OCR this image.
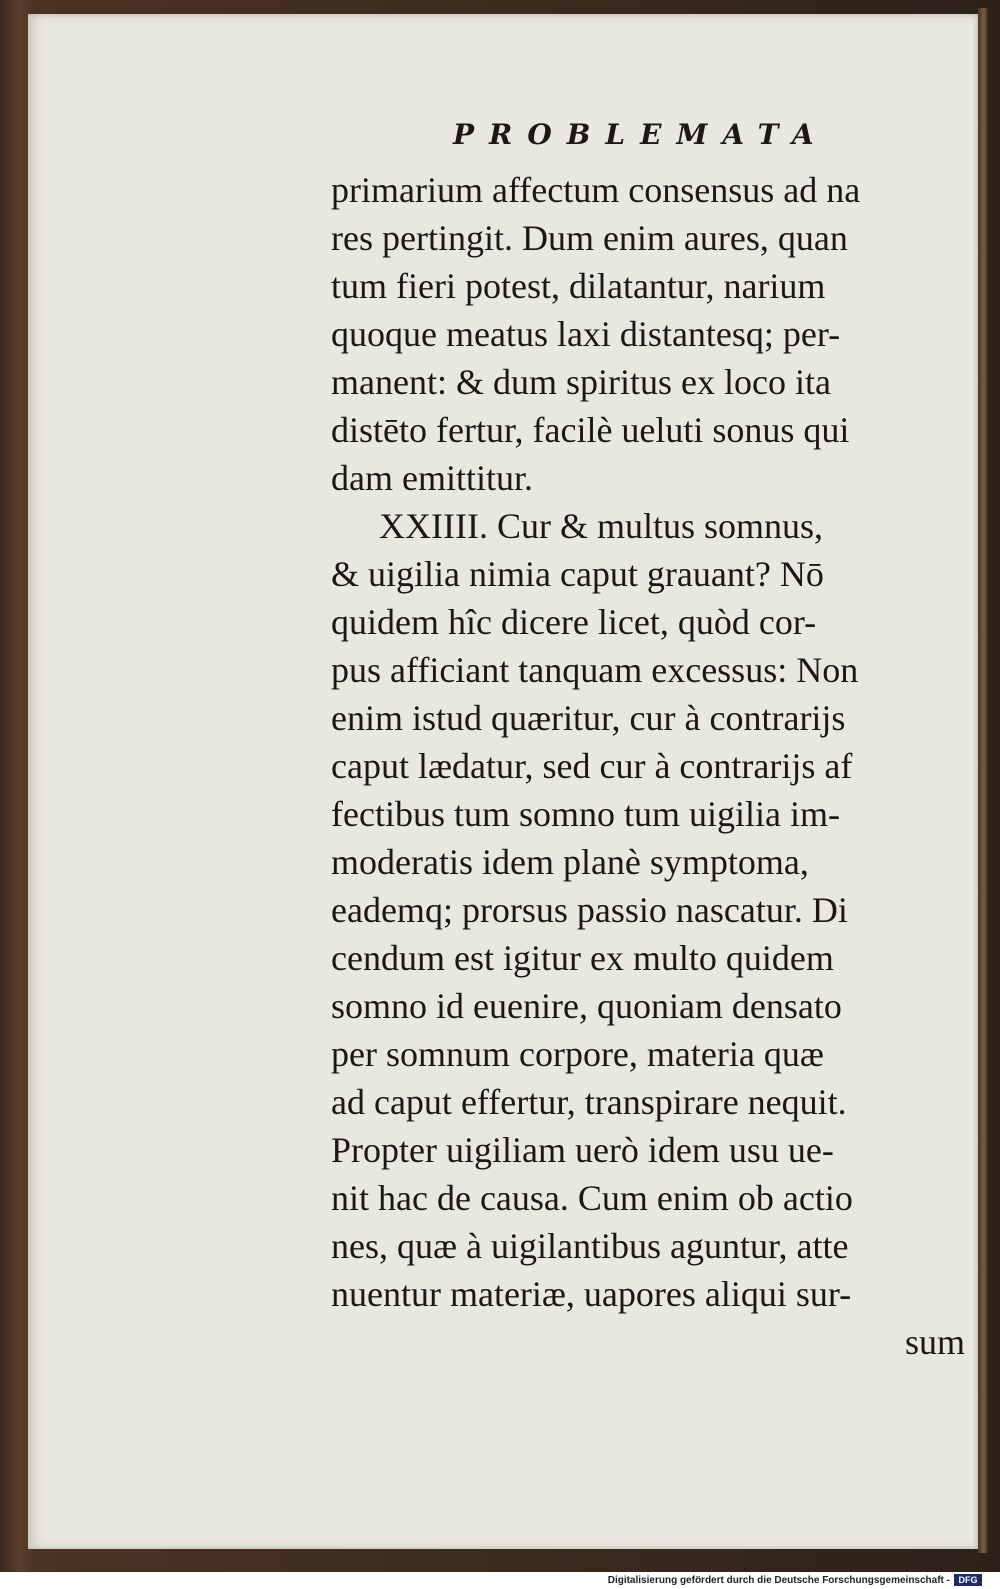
PROBLEMATA
primarium affectum consensus ad na
res pertingit. Dum enim aures, quan
tum fieri potest, dilatantur, narium
quoque meatus laxi distantesq; per-
manent: & dum spiritus ex loco ita
distēto fertur, facilè ueluti sonus qui
dam emittitur.
XXIIII. Cur & multus somnus,
& uigilia nimia caput grauant? Nō
quidem hîc dicere licet, quòd cor-
pus afficiant tanquam excessus: Non
enim istud quæritur, cur à contrarijs
caput lædatur, sed cur à contrarijs af
fectibus tum somno tum uigilia im-
moderatis idem planè symptoma,
eademq; prorsus passio nascatur. Di
cendum est igitur ex multo quidem
somno id euenire, quoniam densato
per somnum corpore, materia quæ
ad caput effertur, transpirare nequit.
Propter uigiliam uerò idem usu ue-
nit hac de causa. Cum enim ob actio
nes, quæ à uigilantibus aguntur, atte
nuentur materiæ, uapores aliqui sur-
sum
Digitalisierung gefördert durch die Deutsche Forschungsgemeinschaft - DFG
